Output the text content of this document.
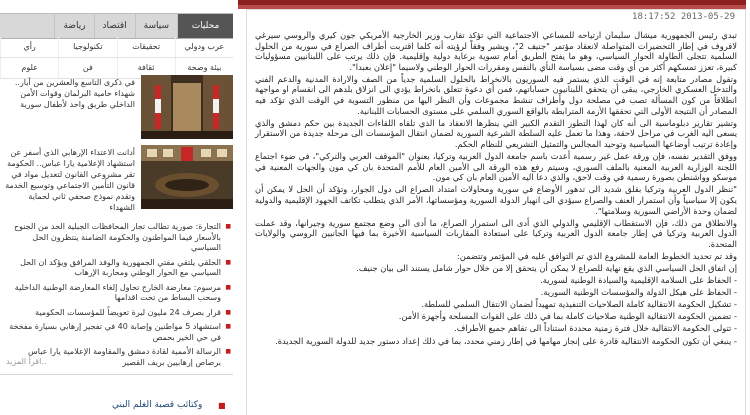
محليات
سياسة
اقتصاد
رياضة
عرب ودولي
تحقيقات
تكنولوجيا
رأي
بيئة وصحة
ثقافة
فن
علوم
في ذكرى التاسع والعشرين من أيار.. شهداء حامية البرلمان وقوات الأمن الداخلي طريق واحد لأطفال سورية
أدانت الاعتداء الإرهابي الذي أسفر عن استشهاد الإعلامية يارا عباس.. الحكومة تقر مشروعي القانون لتعديل مواد في قانون التأمين الاجتماعي وتوسيع الخدمة وتقدم نموذج صحفي ثاني لحماية الشهداء
■ التجارة: صورية تطالب تجار المحافظات الجبلية الحد من الجنوح بالأسعار فيما المواطنون والحكومة الضامنة ينتظرون الحل السياسي
■ الحلقي يلتقي مفتي الجمهورية والوفد المرافق ويؤكد ان الحل السياسي مع الحوار الوطني ومحاربة الإرهاب
■ مرسوم: معارضة الخارج تحاول إلغاء المعارضة الوطنية الداخلية وسحب البساط من تحت اقدامها
■ قرار بصرف 24 مليون ليرة تعويضاً للمؤسسات الحكومية
■ استشهاد 5 مواطنين وإصابة 40 في تفجير إرهابي بسيارة مفخخة في حي الخير بحمص
■ الرسالة الأممية لقادة دمشق والمقاومة الإعلامية يارا عباس برصاص إرهابيين بريف القصير
اقرأ المزيد..
وكتائب قصبة الغلم البني ■
18:17:52 2013-05-29

تبدي رئيس الجمهورية ميشال سليمان ارتياحه للمساعي الاجتماعية التي تؤكد تقارب وزير الخارجية الأمريكي جون كيري والروسي سيرغي لافروف في إطار التحضيرات المتواصلة لانعقاد مؤتمر "جنيف 2"، ويشير وفقاً لرؤيته أنه كلما اقتربت أطراف الصراع في سورية من الحلول السلمية تتجلى الطاولة الحوار السياسي، وهو ما يفتح الطريق أمام تسوية برعاية دولية وإقليمية. فإن ذلك يرتب على اللبنانيين مسؤوليات كبيرة، تعزز تمسكهم أكثر من أي وقت مضى بسياسة النأي بالنفس ومقررات الحوار الوطني ولاسيما "إعلان بعبدا".

وتقول مصادر متابعة إنه في الوقت الذي يستمر فيه السوريون بالانخراط بالحلول السلمية جدياً من الصف والارادة المدنية والدعم الفني والتدخل العسكري الخارجي، يبقى أن يتحقق اللبنانيون حساباتهم، فمن أي دعوة تتعلق بانخراط يؤدي الى انزلاق بلدهم الى انقسام او مواجهة انطلاقاً من كون المسألة تصب في مصلحة دول وأطراف تنشط مجموعات وأن النظر اليها من منظور التسوية في الوقت الذي تؤكد فيه المصادر أن النتيجة الأولى التي تحققها الأزمة المترابطة بالواقع السوري السلمي على مستوى الحسابات اللبنانية.

وتشير تقارير دبلوماسية الى أنه كان لهذا التطور التقدم الكبير التي ينظرها الانعقاد ما الذي تلقاه اللقاءات الجديدة بين حكم دمشق والذي يسعى اليه الغرب في مراحل لاحقة، وهذا ما تعمل عليه السلطة الشرعية السورية لضمان انتقال المؤسسات الى مرحلة جديدة من الاستقرار وإعادة ترتيب أوضاعها السياسية وتوحيد المجالس والتمثيل التشريعي للنظام الحكم.

ووفق التقدير نفسه، فإن ورقة عمل غير رسمية أعدت باسم جامعة الدول العربية وتركيا، بعنوان "الموقف العربي والتركي"، في ضوء اجتماع اللجنة الوزارية العربية المعنية بالملف السوري، وسيتم رفع هذه الورقة الى الأمين العام للأمم المتحدة بان كي مون والجهات المعنية في موسكو وواشنطن بصورة رسمية في وقت لاحق، والذي دعا اليه الأمين العام بان كي مون.

"تنظر الدول العربية وتركيا بقلق شديد الى تدهور الأوضاع في سورية ومحاولات امتداد الصراع الى دول الجوار، وتؤكد أن الحل لا يمكن أن يكون إلا سياسياً وأن استمرار العنف والصراع سيؤدي الى انهيار الدولة السورية ومؤسساتها، الأمر الذي يتطلب تكاتف الجهود الإقليمية والدولية لضمان وحدة الأراضي السورية وسلامتها".

والانطلاق من ذلك، فإن الاستقطاب الإقليمي والدولي الذي أدى الى استمرار الصراع، ما أدى الى وضع مجتمع سورية وجيرانها، وقد عملت الدول العربية وتركيا في إطار جامعة الدول العربية وتركيا على استعادة المقاربات السياسية الأخيرة بما فيها الجانبين الروسي والولايات المتحدة.

وقد تم تحديد الخطوط العامة للمشروع الذي تم التوافق عليه في المؤتمر وتتضمن:

إن اتفاق الحل السياسي الذي يقع نهاية للصراع لا يمكن أن يتحقق إلا من خلال حوار شامل يستند الى بيان جنيف.

- الحفاظ على السلامة الإقليمية والسيادة الوطنية لسورية.

- الحفاظ على هيكل الدولة والمؤسسات الوطنية السورية.

- تشكيل الحكومة الانتقالية كاملة الصلاحيات التنفيذية تمهيداً لضمان الانتقال السلمي للسلطة.

- تضمين الحكومة الانتقالية الوطنية صلاحيات كاملة بما في ذلك على القوات المسلحة وأجهزة الأمن.

- تتولى الحكومة الانتقالية خلال فترة زمنية محددة استناداً الى تفاهم جميع الأطراف.

- ينبغي أن تكون الحكومة الانتقالية قادرة على إنجاز مهامها في إطار زمني محدد، بما في ذلك إعداد دستور جديد للدولة السورية الجديدة.
